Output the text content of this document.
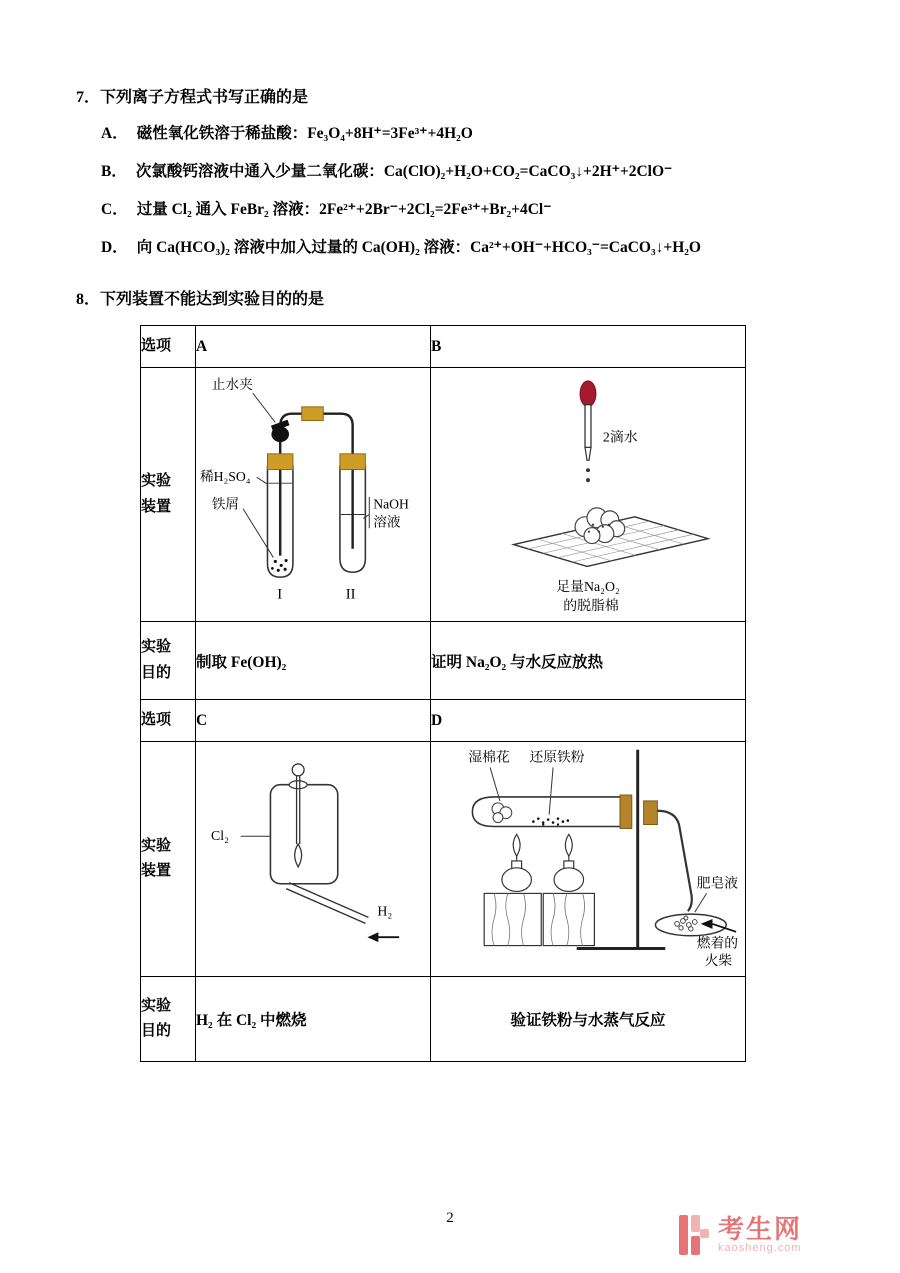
7．下列离子方程式书写正确的是
A． 磁性氧化铁溶于稀盐酸：Fe₃O₄+8H⁺=3Fe³⁺+4H₂O
B． 次氯酸钙溶液中通入少量二氧化碳：Ca(ClO)₂+H₂O+CO₂=CaCO₃↓+2H⁺+2ClO⁻
C． 过量 Cl₂ 通入 FeBr₂ 溶液：2Fe²⁺+2Br⁻+2Cl₂=2Fe³⁺+Br₂+4Cl⁻
D． 向 Ca(HCO₃)₂ 溶液中加入过量的 Ca(OH)₂ 溶液：Ca²⁺+OH⁻+HCO₃⁻=CaCO₃↓+H₂O
8．下列装置不能达到实验目的的是
选项	A	B

实验
装置

止水夹
稀H₂SO₄
铁屑	NaOH
溶液
I	II

2滴水
足量Na₂O₂
的脱脂棉

实验
目的	制取 Fe(OH)₂	证明 Na₂O₂ 与水反应放热
选项	C	D

实验
装置

Cl₂
H₂

湿棉花 还原铁粉
肥皂液
燃着的
火柴

实验
目的	H₂ 在 Cl₂ 中燃烧	验证铁粉与水蒸气反应
2	考生网
kaosheng.com
